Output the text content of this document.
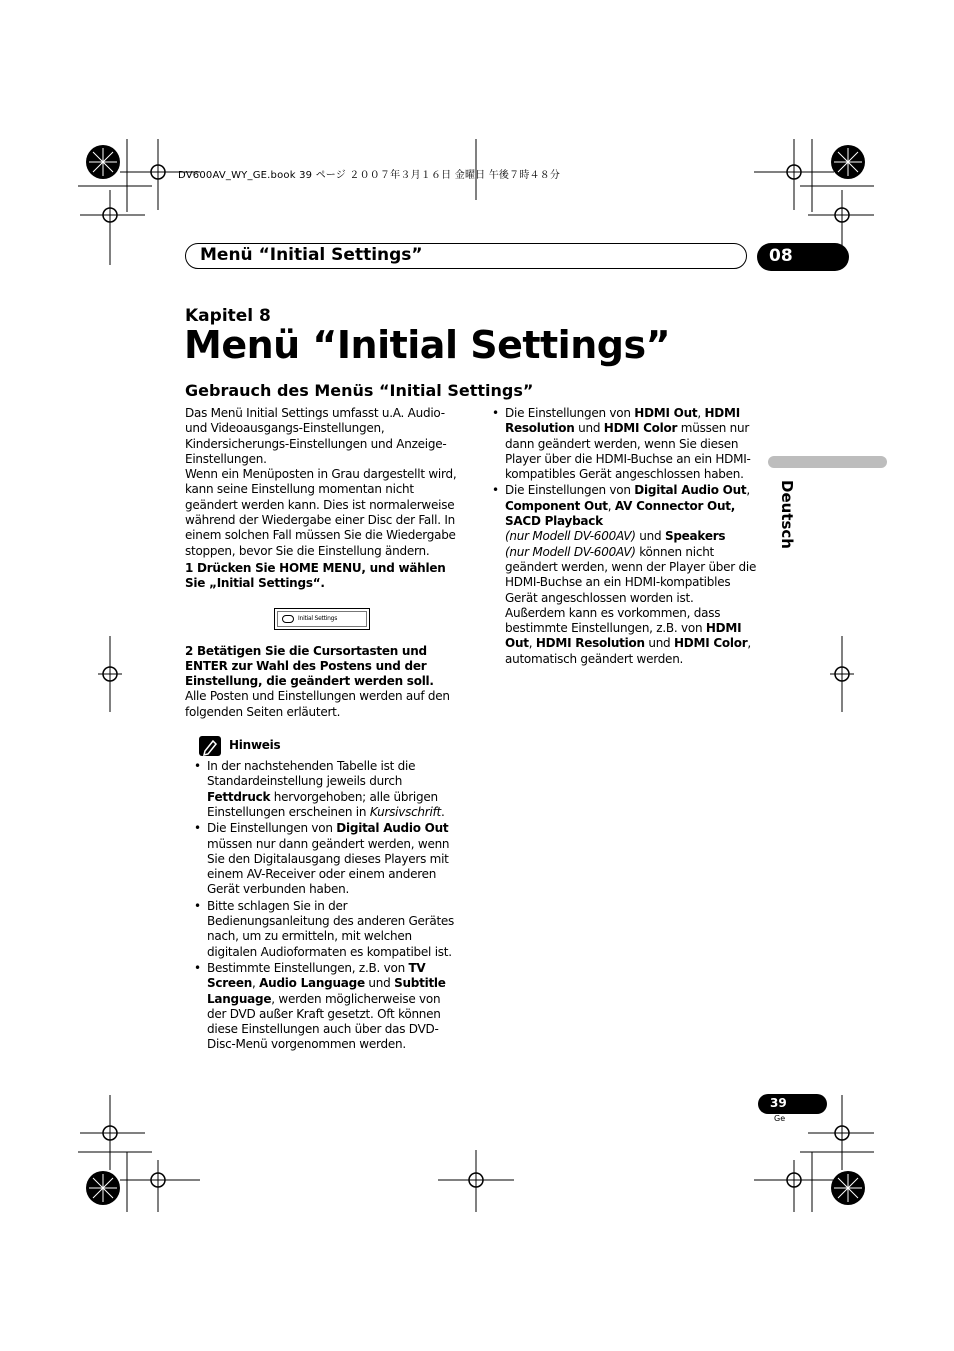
DV600AV_WY_GE.book 39 ページ ２００７年３月１６日 金曜日 午後７時４８分
Menü “Initial Settings”	08
Kapitel 8
Menü “Initial Settings”
Gebrauch des Menüs “Initial Settings”

Das Menü Initial Settings umfasst u.A. Audio- und Videoausgangs-Einstellungen, Kindersicherungs-Einstellungen und Anzeige-Einstellungen.

Wenn ein Menüposten in Grau dargestellt wird, kann seine Einstellung momentan nicht geändert werden kann. Dies ist normalerweise während der Wiedergabe einer Disc der Fall. In einem solchen Fall müssen Sie die Wiedergabe stoppen, bevor Sie die Einstellung ändern.

1 Drücken Sie HOME MENU, und wählen Sie „Initial Settings“.

Initial Settings

2 Betätigen Sie die Cursortasten und ENTER zur Wahl des Postens und der Einstellung, die geändert werden soll.

Alle Posten und Einstellungen werden auf den folgenden Seiten erläutert.

Hinweis
• In der nachstehenden Tabelle ist die Standardeinstellung jeweils durch Fettdruck hervorgehoben; alle übrigen Einstellungen erscheinen in Kursivschrift.
• Die Einstellungen von Digital Audio Out müssen nur dann geändert werden, wenn Sie den Digitalausgang dieses Players mit einem AV-Receiver oder einem anderen Gerät verbunden haben.
• Bitte schlagen Sie in der Bedienungsanleitung des anderen Gerätes nach, um zu ermitteln, mit welchen digitalen Audioformaten es kompatibel ist.
• Bestimmte Einstellungen, z.B. von TV Screen, Audio Language und Subtitle Language, werden möglicherweise von der DVD außer Kraft gesetzt. Oft können diese Einstellungen auch über das DVD-Disc-Menü vorgenommen werden.
• Die Einstellungen von HDMI Out, HDMI Resolution und HDMI Color müssen nur dann geändert werden, wenn Sie diesen Player über die HDMI-Buchse an ein HDMI-kompatibles Gerät angeschlossen haben.
• Die Einstellungen von Digital Audio Out, Component Out, AV Connector Out, SACD Playback
(nur Modell DV-600AV) und Speakers
(nur Modell DV-600AV) können nicht geändert werden, wenn der Player über die HDMI-Buchse an ein HDMI-kompatibles Gerät angeschlossen worden ist.
Außerdem kann es vorkommen, dass bestimmte Einstellungen, z.B. von HDMI Out, HDMI Resolution und HDMI Color, automatisch geändert werden.
Deutsch
39
Ge
